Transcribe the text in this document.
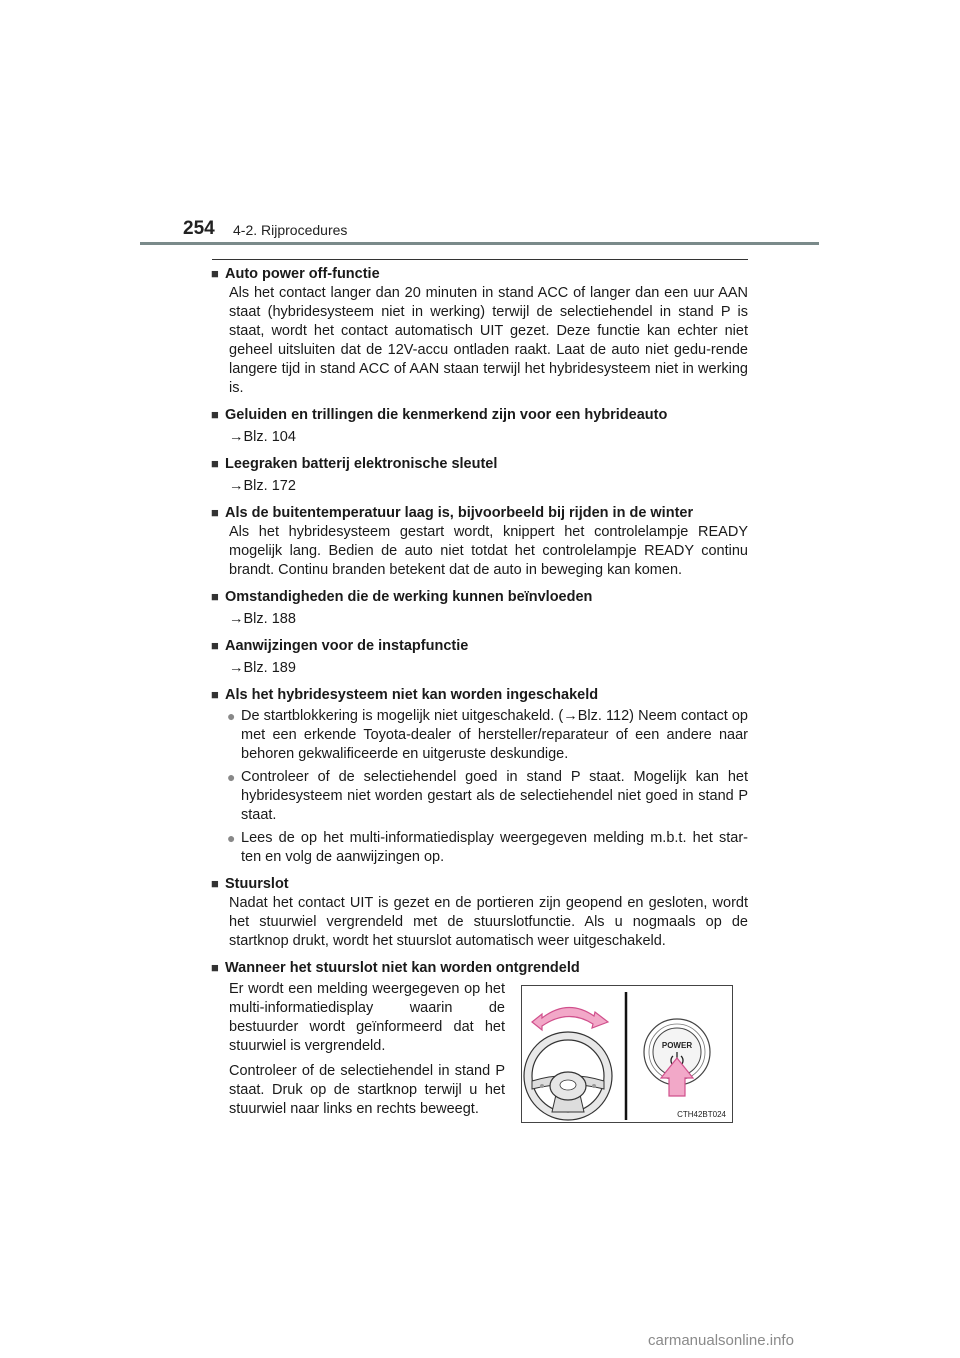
254 4-2. Rijprocedures
■ Auto power off-functie
Als het contact langer dan 20 minuten in stand ACC of langer dan een uur AAN staat (hybridesysteem niet in werking) terwijl de selectiehendel in stand P is staat, wordt het contact automatisch UIT gezet. Deze functie kan echter niet geheel uitsluiten dat de 12V-accu ontladen raakt. Laat de auto niet gedu-rende langere tijd in stand ACC of AAN staan terwijl het hybridesysteem niet in werking is.
■ Geluiden en trillingen die kenmerkend zijn voor een hybrideauto
→Blz. 104
■ Leegraken batterij elektronische sleutel
→Blz. 172
■ Als de buitentemperatuur laag is, bijvoorbeeld bij rijden in de winter
Als het hybridesysteem gestart wordt, knippert het controlelampje READY mogelijk lang. Bedien de auto niet totdat het controlelampje READY continu brandt. Continu branden betekent dat de auto in beweging kan komen.
■ Omstandigheden die de werking kunnen beïnvloeden
→Blz. 188
■ Aanwijzingen voor de instapfunctie
→Blz. 189
■ Als het hybridesysteem niet kan worden ingeschakeld
● De startblokkering is mogelijk niet uitgeschakeld. (→Blz. 112) Neem contact op met een erkende Toyota-dealer of hersteller/reparateur of een andere naar behoren gekwalificeerde en uitgeruste deskundige.
● Controleer of de selectiehendel goed in stand P staat. Mogelijk kan het hybridesysteem niet worden gestart als de selectiehendel niet goed in stand P staat.
● Lees de op het multi-informatiedisplay weergegeven melding m.b.t. het star-ten en volg de aanwijzingen op.
■ Stuurslot
Nadat het contact UIT is gezet en de portieren zijn geopend en gesloten, wordt het stuurwiel vergrendeld met de stuurslotfunctie. Als u nogmaals op de startknop drukt, wordt het stuurslot automatisch weer uitgeschakeld.
■ Wanneer het stuurslot niet kan worden ontgrendeld

Er wordt een melding weergegeven op het multi-informatiedisplay waarin de bestuurder wordt geïnformeerd dat het stuurwiel is vergrendeld.

Controleer of de selectiehendel in stand P staat. Druk op de startknop terwijl u het stuurwiel naar links en rechts beweegt.

POWER
CTH42BT024
carmanualsonline.info
